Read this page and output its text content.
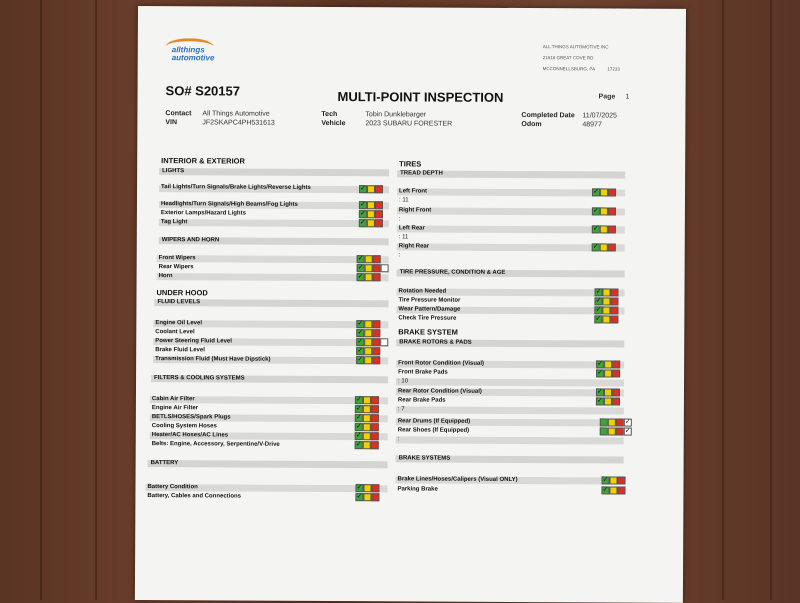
allthings automotive
ALL THINGS AUTOMOTIVE INC
21618 GREAT COVE RD
MCCONNELLSBURG, PA          17233
SO# S20157	MULTI-POINT INSPECTION	Page 1
Contact All Things Automotive
VIN	JF2SKAPC4PH531613
Tech	Tobin Dunklebarger
Vehicle	2023 SUBARU FORESTER
Completed Date 11/07/2025
Odom	48977
INTERIOR & EXTERIOR
LIGHTS
Tail Lights/Turn Signals/Brake Lights/Reverse Lights	✓
Headlights/Turn Signals/High Beams/Fog Lights	✓
Exterior Lamps/Hazard Lights	✓
Tag Light	✓
WIPERS AND HORN
Front Wipers	✓
Rear Wipers	✓
Horn	✓
UNDER HOOD
FLUID LEVELS
Engine Oil Level	✓
Coolant Level	✓
Power Steering Fluid Level	✓
Brake Fluid Level	✓
Transmission Fluid (Must Have Dipstick)	✓
FILTERS & COOLING SYSTEMS
Cabin Air Filter	✓
Engine Air Filter	✓
BETLS/HOSES/Spark Plugs	✓
Cooling System Hoses	✓
Heater/AC Hoses/AC Lines	✓
Belts: Engine, Accessory, Serpentine/V-Drive	✓
BATTERY
Battery Condition	✓
Battery, Cables and Connections	✓
TIRES
TREAD DEPTH
Left Front	✓
: 11
Right Front	✓
:
Left Rear	✓
: 11
Right Rear	✓
:
TIRE PRESSURE, CONDITION & AGE
Rotation Needed	✓
Tire Pressure Monitor	✓
Wear Pattern/Damage	✓
Check Tire Pressure	✓
BRAKE SYSTEM
BRAKE ROTORS & PADS
Front Rotor Condition (Visual)	✓
Front Brake Pads	✓
: 10
Rear Rotor Condition (Visual)	✓
Rear Brake Pads	✓
: 7
Rear Drums (If Equipped)	✓
Rear Shoes (If Equipped)	✓
:
BRAKE SYSTEMS
Brake Lines/Hoses/Calipers (Visual ONLY)	✓
Parking Brake	✓
